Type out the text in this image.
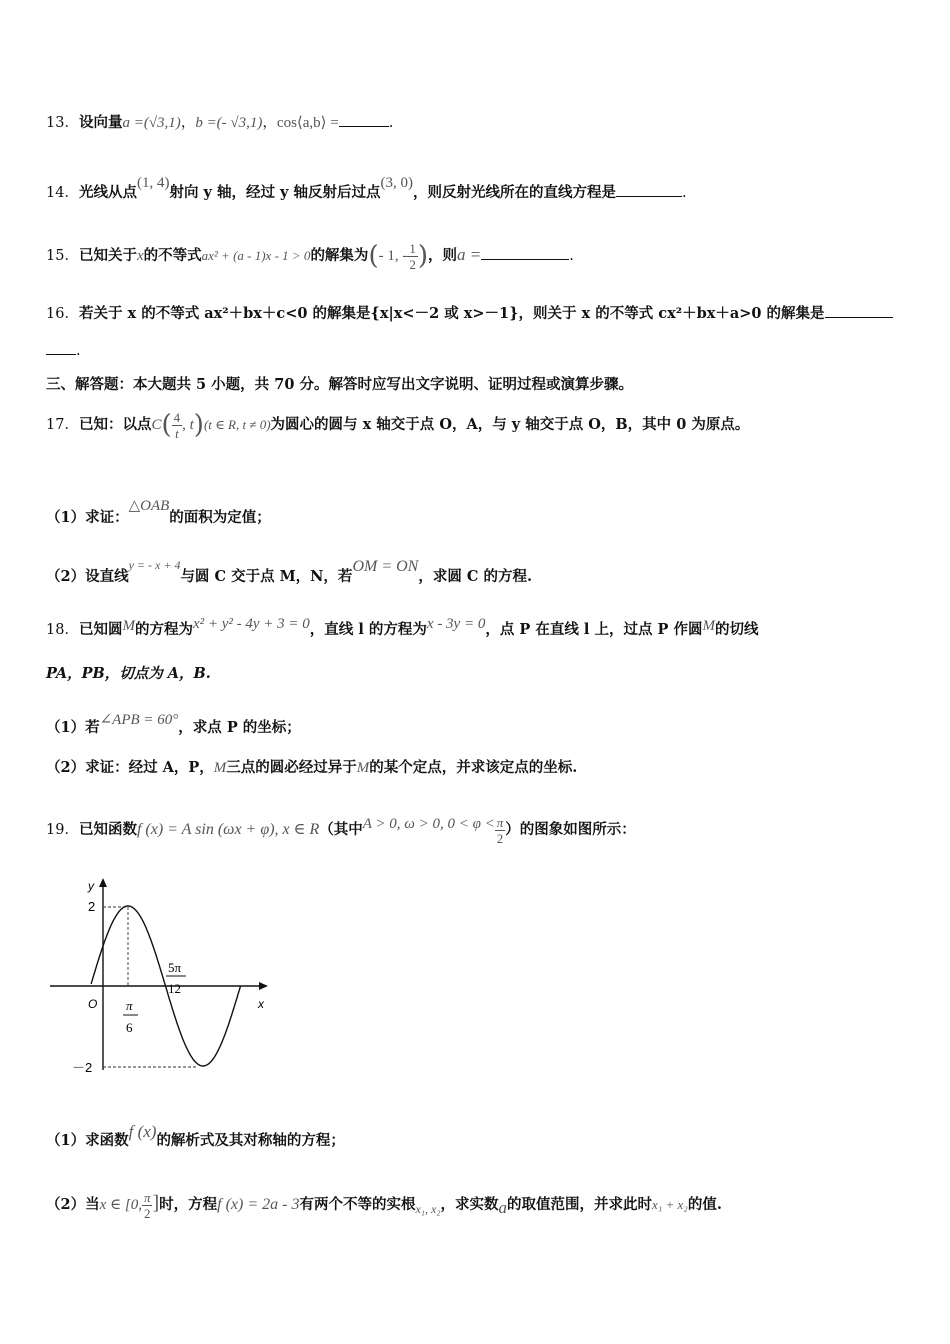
13．设向量a =(√3,1)，b =(- √3,1)，cos⟨a,b⟩ =	.
14．光线从点(1, 4)射向 y 轴，经过 y 轴反射后过点(3, 0)，则反射光线所在的直线方程是	.
15．已知关于x的不等式ax² + (a - 1)x - 1 > 0的解集为(- 1, - $\frac{1}{2}$ )，则a =	.
16．若关于 x 的不等式 ax²＋bx＋c<0 的解集是{x|x<－2 或 x>－1}，则关于 x 的不等式 cx²＋bx＋a>0 的解集是
.
三、解答题：本大题共 5 小题，共 70 分。解答时应写出文字说明、证明过程或演算步骤。
17．已知：以点$C( \frac{4}{t}$ , t)(t ∈ R, t ≠ 0)为圆心的圆与 x 轴交于点 O，A，与 y 轴交于点 O，B，其中 0 为原点。
（1）求证：△OAB的面积为定值；
（2）设直线$^{y = - x + 4}$与圆 C 交于点 M，N，若OM = ON，求圆 C 的方程.
18．已知圆M的方程为x² + y² - 4y + 3 = 0，直线 l 的方程为x - 3y = 0，点 P 在直线 l 上，过点 P 作圆M的切线
PA，PB，切点为 A，B.
（1）若∠APB = 60°，求点 P 的坐标；
（2）求证：经过 A，P，M三点的圆必经过异于M的某个定点，并求该定点的坐标.
19．已知函数f (x) = A sin (ωx + φ), x ∈ R（其中A > 0, ω > 0, $0 < \varphi < \frac{\pi}{2}$ ）的图象如图所示：
y
x
O
2
－2
π
6
5π
12
（1）求函数f (x)的解析式及其对称轴的方程；
（2）当x ∈ [0, $\frac{\pi}{2}$ ]时，方程f (x) = 2a - 3有两个不等的实根$_{x_1, x_2}$，求实数a的取值范围，并求此时x₁ + x₂的值.
